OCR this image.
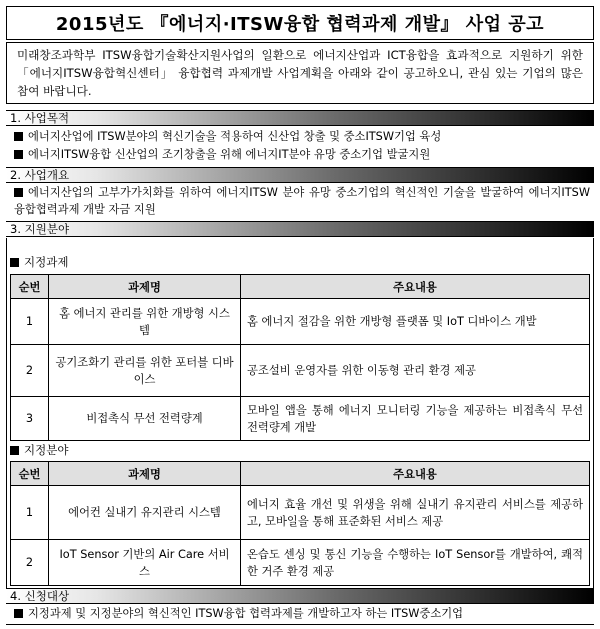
2015년도 『에너지·ITSW융합 협력과제 개발』 사업 공고
미래창조과학부 ITSW융합기술확산지원사업의 일환으로 에너지산업과 ICT융합을 효과적으로 지원하기 위한 「에너지ITSW융합혁신센터」 융합협력 과제개발 사업계획을 아래와 같이 공고하오니, 관심 있는 기업의 많은 참여 바랍니다.
1. 사업목적
에너지산업에 ITSW분야의 혁신기술을 적용하여 신산업 창출 및 중소ITSW기업 육성
에너지ITSW융합 신산업의 조기창출을 위해 에너지IT분야 유망 중소기업 발굴지원
2. 사업개요
에너지산업의 고부가가치화를 위하여 에너지ITSW 분야 유망 중소기업의 혁신적인 기술을 발굴하여 에너지ITSW융합협력과제 개발 자금 지원
3. 지원분야
지정과제
순번	과제명	주요내용
1	홈 에너지 관리를 위한 개방형 시스템	홈 에너지 절감을 위한 개방형 플랫폼 및 IoT 디바이스 개발
2	공기조화기 관리를 위한 포터블 디바이스	공조설비 운영자를 위한 이동형 관리 환경 제공
3	비접촉식 무선 전력량계	모바일 앱을 통해 에너지 모니터링 기능을 제공하는 비접촉식 무선 전력량계 개발
지정분야
순번	과제명	주요내용
1	에어컨 실내기 유지관리 시스템	에너지 효율 개선 및 위생을 위해 실내기 유지관리 서비스를 제공하고, 모바일을 통해 표준화된 서비스 제공
2	IoT Sensor 기반의 Air Care 서비스	온습도 센싱 및 통신 기능을 수행하는 IoT Sensor를 개발하여, 쾌적한 거주 환경 제공
4. 신청대상
지정과제 및 지정분야의 혁신적인 ITSW융합 협력과제를 개발하고자 하는 ITSW중소기업
